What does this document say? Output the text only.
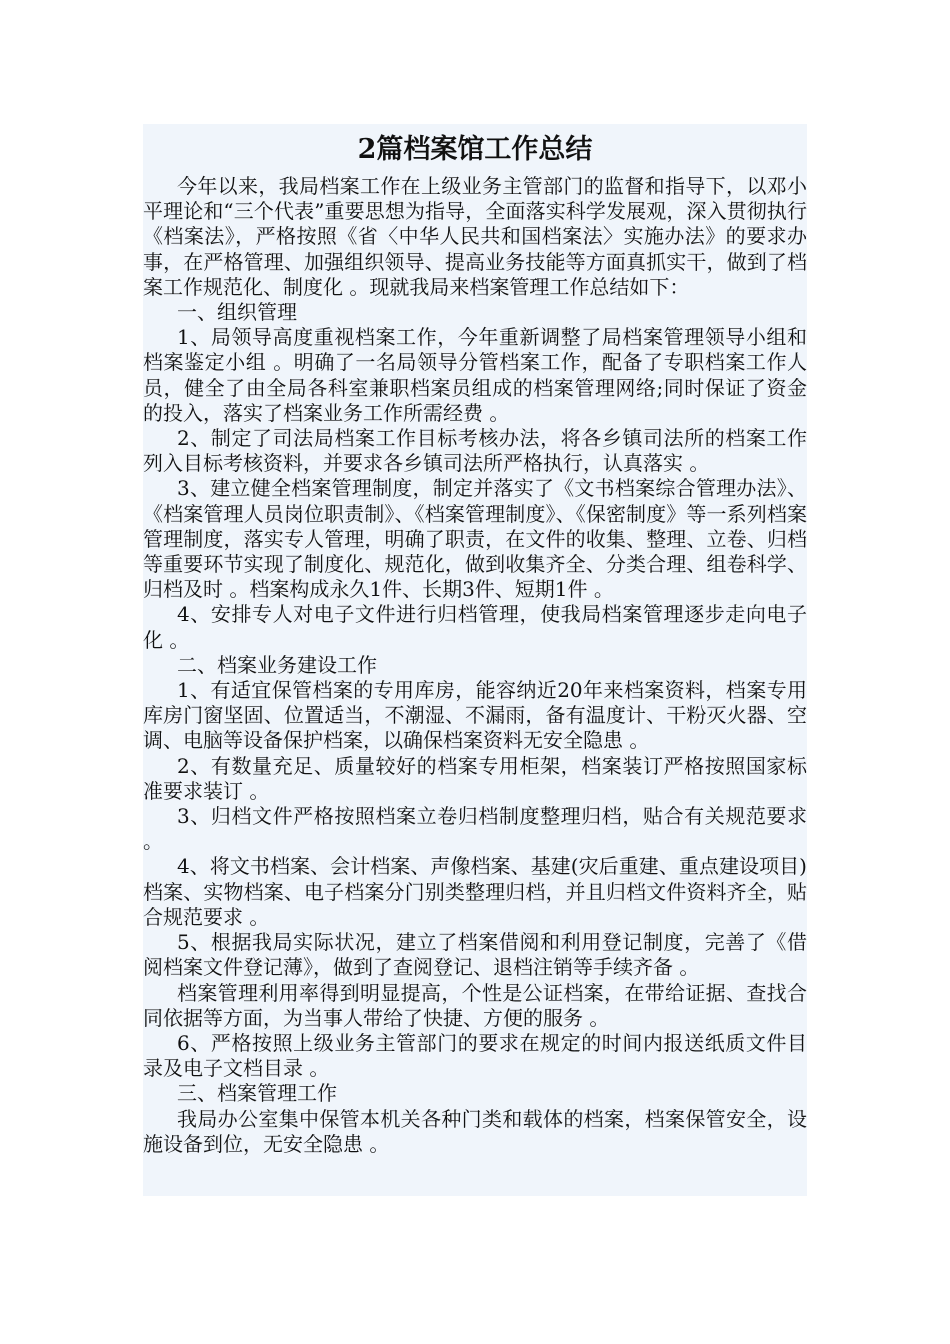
2篇档案馆工作总结

今年以来，我局档案工作在上级业务主管部门的监督和指导下，以邓小平理论和“三个代表”重要思想为指导，全面落实科学发展观，深入贯彻执行《档案法》，严格按照《省〈中华人民共和国档案法〉实施办法》的要求办事，在严格管理、加强组织领导、提高业务技能等方面真抓实干，做到了档案工作规范化、制度化 。现就我局来档案管理工作总结如下：

一、组织管理

1、局领导高度重视档案工作，今年重新调整了局档案管理领导小组和档案鉴定小组 。明确了一名局领导分管档案工作，配备了专职档案工作人员，健全了由全局各科室兼职档案员组成的档案管理网络;同时保证了资金的投入，落实了档案业务工作所需经费 。

2、制定了司法局档案工作目标考核办法，将各乡镇司法所的档案工作列入目标考核资料，并要求各乡镇司法所严格执行，认真落实 。

3、建立健全档案管理制度，制定并落实了《文书档案综合管理办法》、《档案管理人员岗位职责制》、《档案管理制度》、《保密制度》等一系列档案管理制度，落实专人管理，明确了职责，在文件的收集、整理、立卷、归档等重要环节实现了制度化、规范化，做到收集齐全、分类合理、组卷科学、归档及时 。档案构成永久1件、长期3件、短期1件 。

4、安排专人对电子文件进行归档管理，使我局档案管理逐步走向电子化 。

二、档案业务建设工作

1、有适宜保管档案的专用库房，能容纳近20年来档案资料，档案专用库房门窗坚固、位置适当，不潮湿、不漏雨，备有温度计、干粉灭火器、空调、电脑等设备保护档案，以确保档案资料无安全隐患 。

2、有数量充足、质量较好的档案专用柜架，档案装订严格按照国家标准要求装订 。

3、归档文件严格按照档案立卷归档制度整理归档，贴合有关规范要求 。

4、将文书档案、会计档案、声像档案、基建(灾后重建、重点建设项目)档案、实物档案、电子档案分门别类整理归档，并且归档文件资料齐全，贴合规范要求 。

5、根据我局实际状况，建立了档案借阅和利用登记制度，完善了《借阅档案文件登记薄》，做到了查阅登记、退档注销等手续齐备 。

档案管理利用率得到明显提高，个性是公证档案，在带给证据、查找合同依据等方面，为当事人带给了快捷、方便的服务 。

6、严格按照上级业务主管部门的要求在规定的时间内报送纸质文件目录及电子文档目录 。

三、档案管理工作

我局办公室集中保管本机关各种门类和载体的档案，档案保管安全，设施设备到位，无安全隐患 。
